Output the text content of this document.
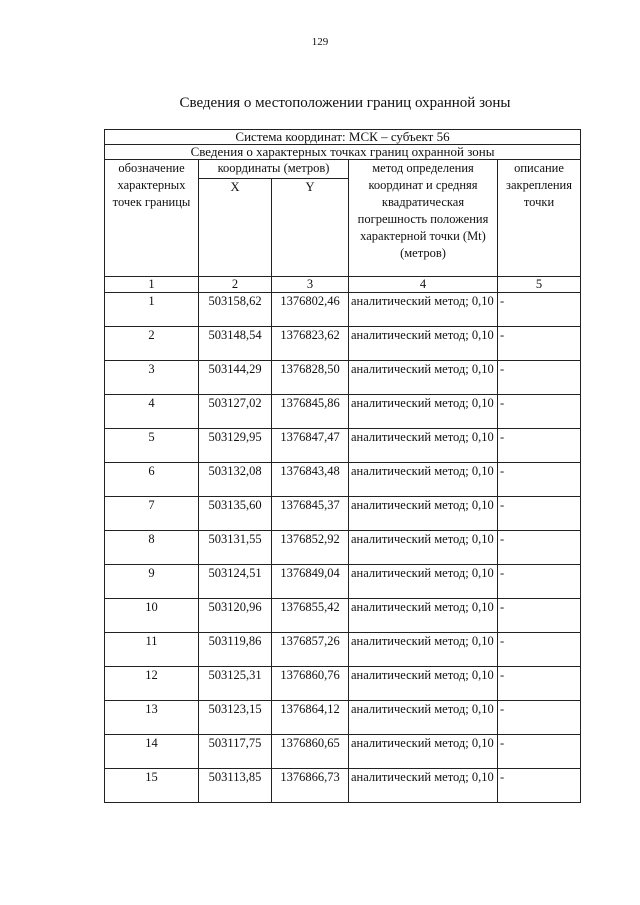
129
Сведения о местоположении границ охранной зоны
Система координат: МСК – субъект 56				
Сведения о характерных точках границ охранной зоны				
обозначение характерных точек границы	координаты (метров)		метод определения координат и средняя квадратическая погрешность положения характерной точки (Mt) (метров)	описание закрепления точки
	X	Y		
1	2	3	4	5
1	503158,62	1376802,46	аналитический метод; 0,10	-
2	503148,54	1376823,62	аналитический метод; 0,10	-
3	503144,29	1376828,50	аналитический метод; 0,10	-
4	503127,02	1376845,86	аналитический метод; 0,10	-
5	503129,95	1376847,47	аналитический метод; 0,10	-
6	503132,08	1376843,48	аналитический метод; 0,10	-
7	503135,60	1376845,37	аналитический метод; 0,10	-
8	503131,55	1376852,92	аналитический метод; 0,10	-
9	503124,51	1376849,04	аналитический метод; 0,10	-
10	503120,96	1376855,42	аналитический метод; 0,10	-
11	503119,86	1376857,26	аналитический метод; 0,10	-
12	503125,31	1376860,76	аналитический метод; 0,10	-
13	503123,15	1376864,12	аналитический метод; 0,10	-
14	503117,75	1376860,65	аналитический метод; 0,10	-
15	503113,85	1376866,73	аналитический метод; 0,10	-
